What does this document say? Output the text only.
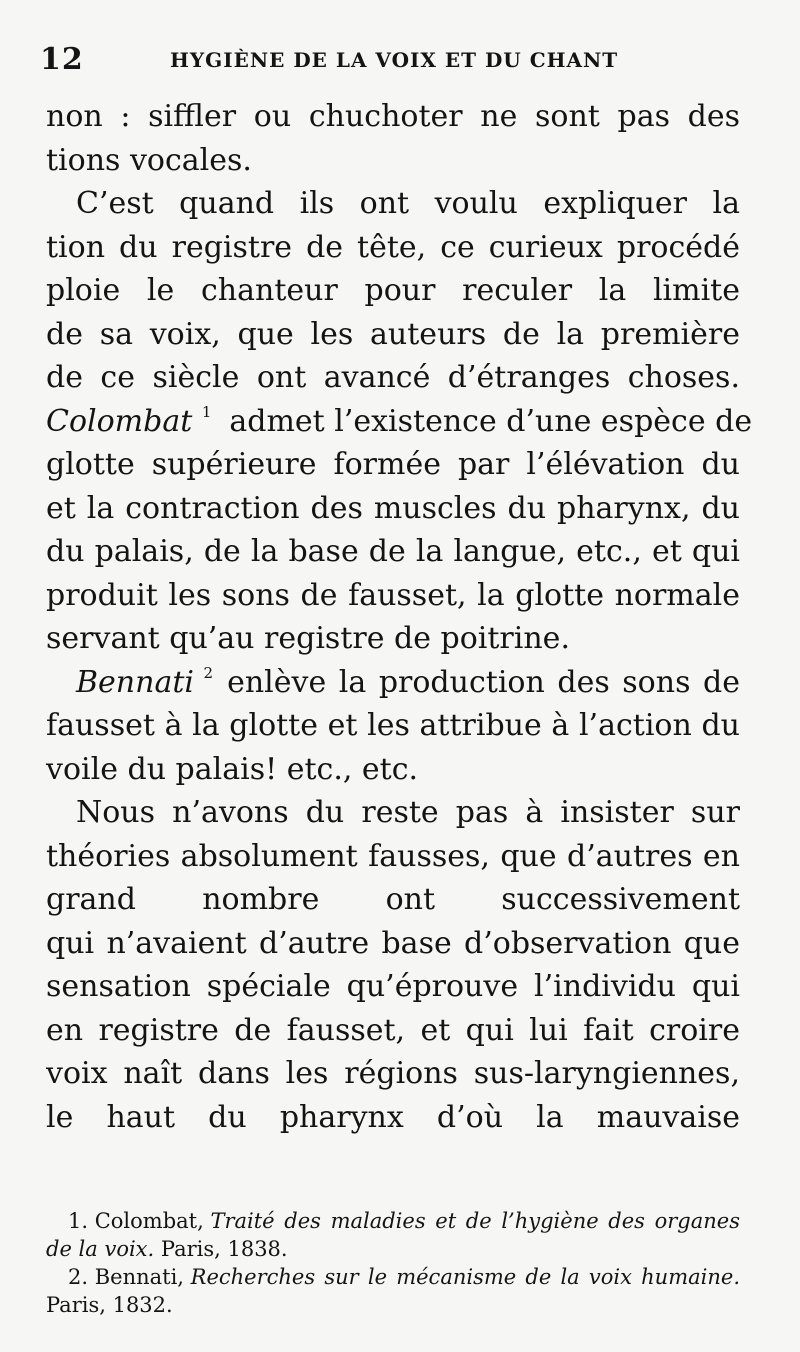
12	HYGIÈNE DE LA VOIX ET DU CHANT
non : siffler ou chuchoter ne sont pas des
tions vocales.
C’est quand ils ont voulu expliquer la
tion du registre de tête, ce curieux procédé
ploie le chanteur pour reculer la limite
de sa voix, que les auteurs de la première
de ce siècle ont avancé d’étranges choses.
Colombat $^1$ admet l’existence d’une espèce de
glotte supérieure formée par l’élévation du
et la contraction des muscles du pharynx, du
du palais, de la base de la langue, etc., et qui
produit les sons de fausset, la glotte normale
servant qu’au registre de poitrine.
Bennati $^2$ enlève la production des sons de
fausset à la glotte et les attribue à l’action du
voile du palais! etc., etc.
Nous n’avons du reste pas à insister sur
théories absolument fausses, que d’autres en
grand nombre ont successivement
qui n’avaient d’autre base d’observation que
sensation spéciale qu’éprouve l’individu qui
en registre de fausset, et qui lui fait croire
voix naît dans les régions sus-laryngiennes,
le haut du pharynx d’où la mauvaise
1. Colombat, Traité des maladies et de l’hygiène des organes
de la voix. Paris, 1838.
2. Bennati, Recherches sur le mécanisme de la voix humaine.
Paris, 1832.
